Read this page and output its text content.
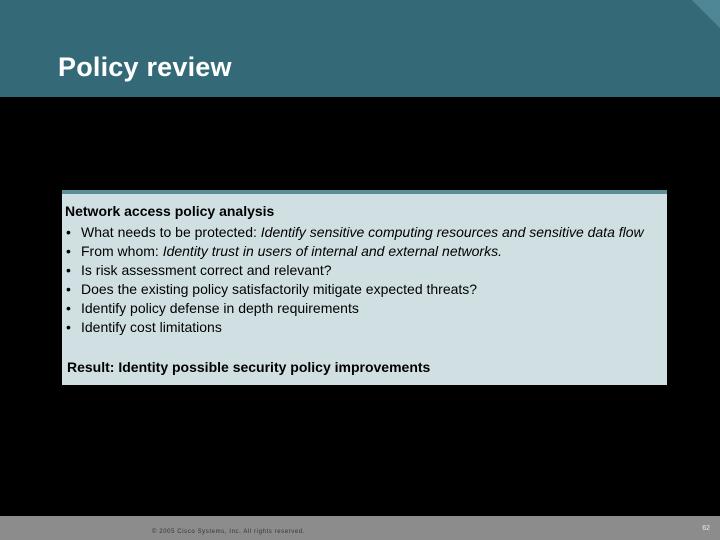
Policy review
Network access policy analysis
• What needs to be protected: Identify sensitive computing resources and sensitive data flow
• From whom: Identity trust in users of internal and external networks.
• Is risk assessment correct and relevant?
• Does the existing policy satisfactorily mitigate expected threats?
• Identify policy defense in depth requirements
• Identify cost limitations
Result: Identity possible security policy improvements
© 2005 Cisco Systems, Inc. All rights reserved.	62
